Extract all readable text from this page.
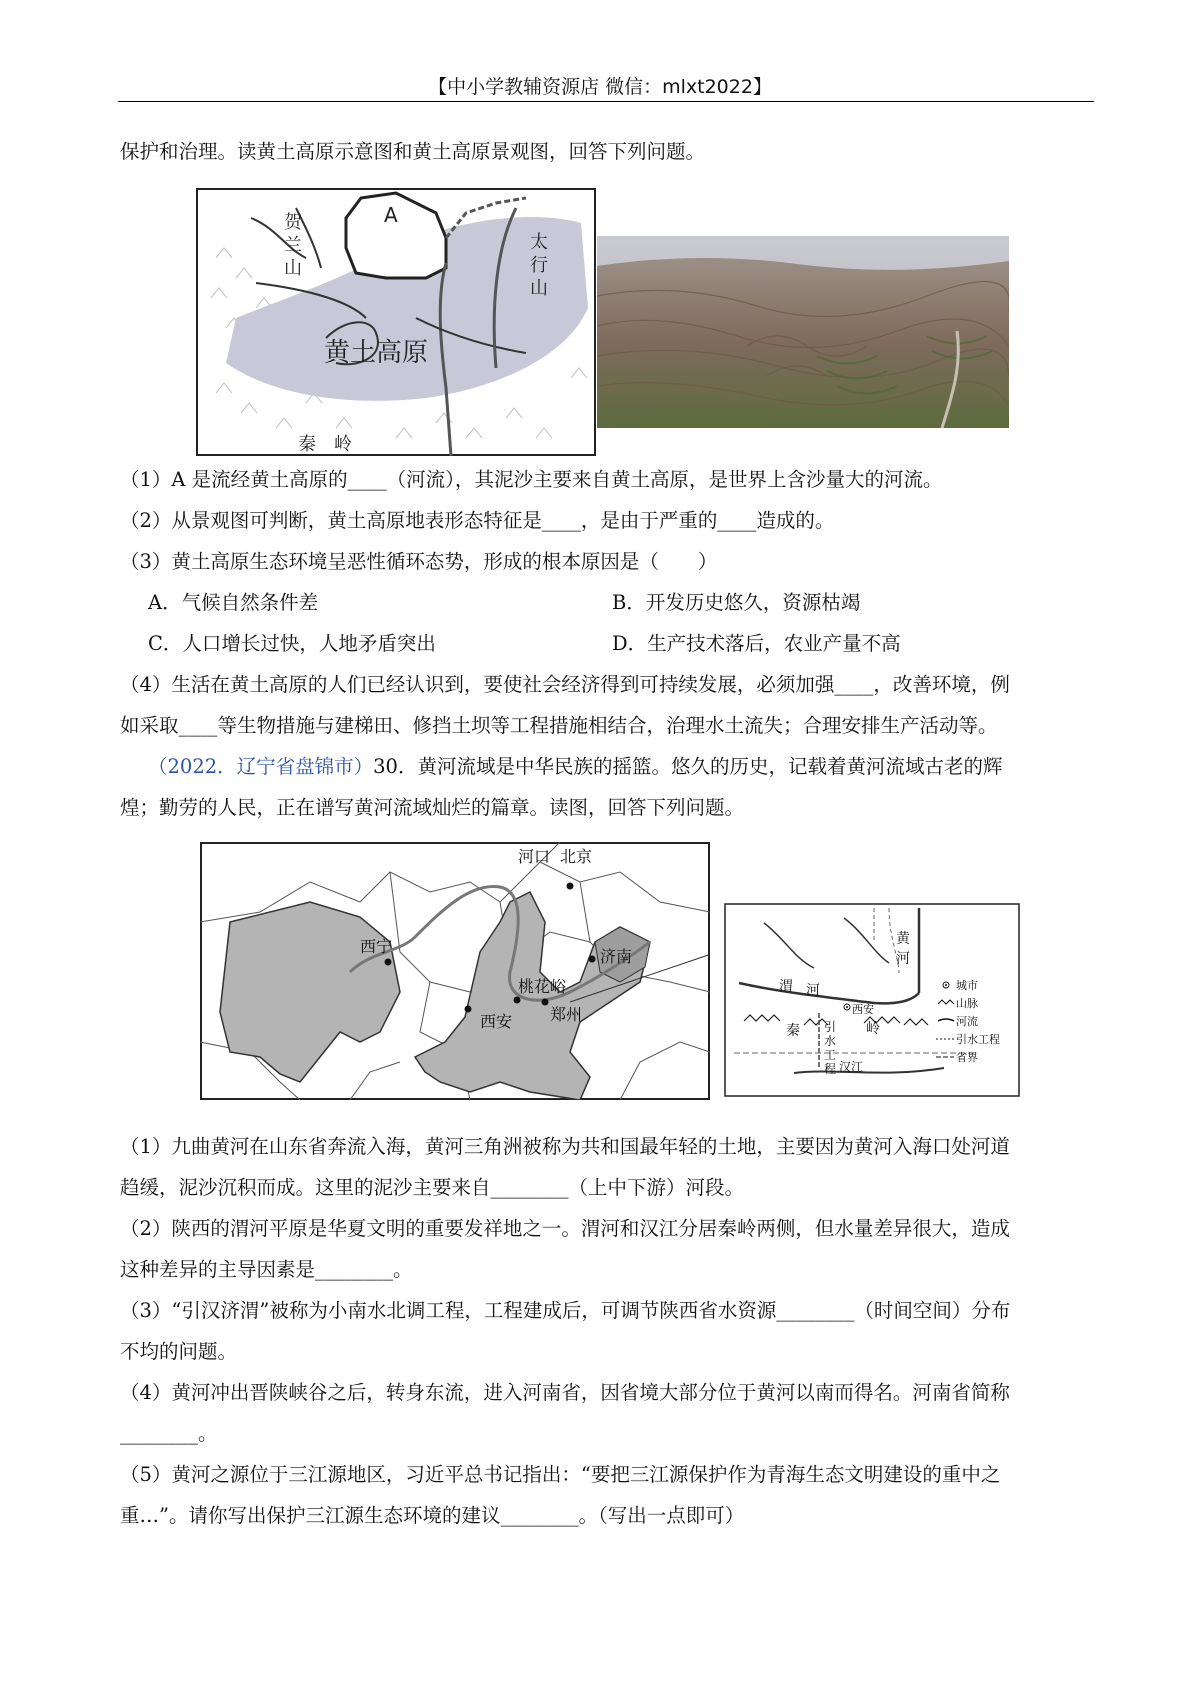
【中小学教辅资源店 微信：mlxt2022】
保护和治理。读黄土高原示意图和黄土高原景观图，回答下列问题。
A
贺
兰
山
太
行
山
黄土高原
秦　岭
（1）A 是流经黄土高原的____（河流），其泥沙主要来自黄土高原，是世界上含沙量大的河流。
（2）从景观图可判断，黄土高原地表形态特征是____，是由于严重的____造成的。
（3）黄土高原生态环境呈恶性循环态势，形成的根本原因是（　　）
A．气候自然条件差	B．开发历史悠久，资源枯竭
C．人口增长过快，人地矛盾突出	D．生产技术落后，农业产量不高
（4）生活在黄土高原的人们已经认识到，要使社会经济得到可持续发展，必须加强____，改善环境，例
如采取____等生物措施与建梯田、修挡土坝等工程措施相结合，治理水土流失；合理安排生产活动等。
（2022．辽宁省盘锦市）30．黄河流域是中华民族的摇篮。悠久的历史，记载着黄河流域古老的辉
煌；勤劳的人民，正在谱写黄河流域灿烂的篇章。读图，回答下列问题。
河口 北京
西宁
济南
桃花峪
郑州
西安
黄
河
渭 河
秦
西安
岭
引
水
工
程 汉江
城市
山脉
河流
引水工程
省界
（1）九曲黄河在山东省奔流入海，黄河三角洲被称为共和国最年轻的土地，主要因为黄河入海口处河道
趋缓，泥沙沉积而成。这里的泥沙主要来自________（上中下游）河段。
（2）陕西的渭河平原是华夏文明的重要发祥地之一。渭河和汉江分居秦岭两侧，但水量差异很大，造成
这种差异的主导因素是________。
（3）“引汉济渭”被称为小南水北调工程，工程建成后，可调节陕西省水资源________（时间空间）分布
不均的问题。
（4）黄河冲出晋陕峡谷之后，转身东流，进入河南省，因省境大部分位于黄河以南而得名。河南省简称
________。
（5）黄河之源位于三江源地区，习近平总书记指出：“要把三江源保护作为青海生态文明建设的重中之
重…”。请你写出保护三江源生态环境的建议________。（写出一点即可）
